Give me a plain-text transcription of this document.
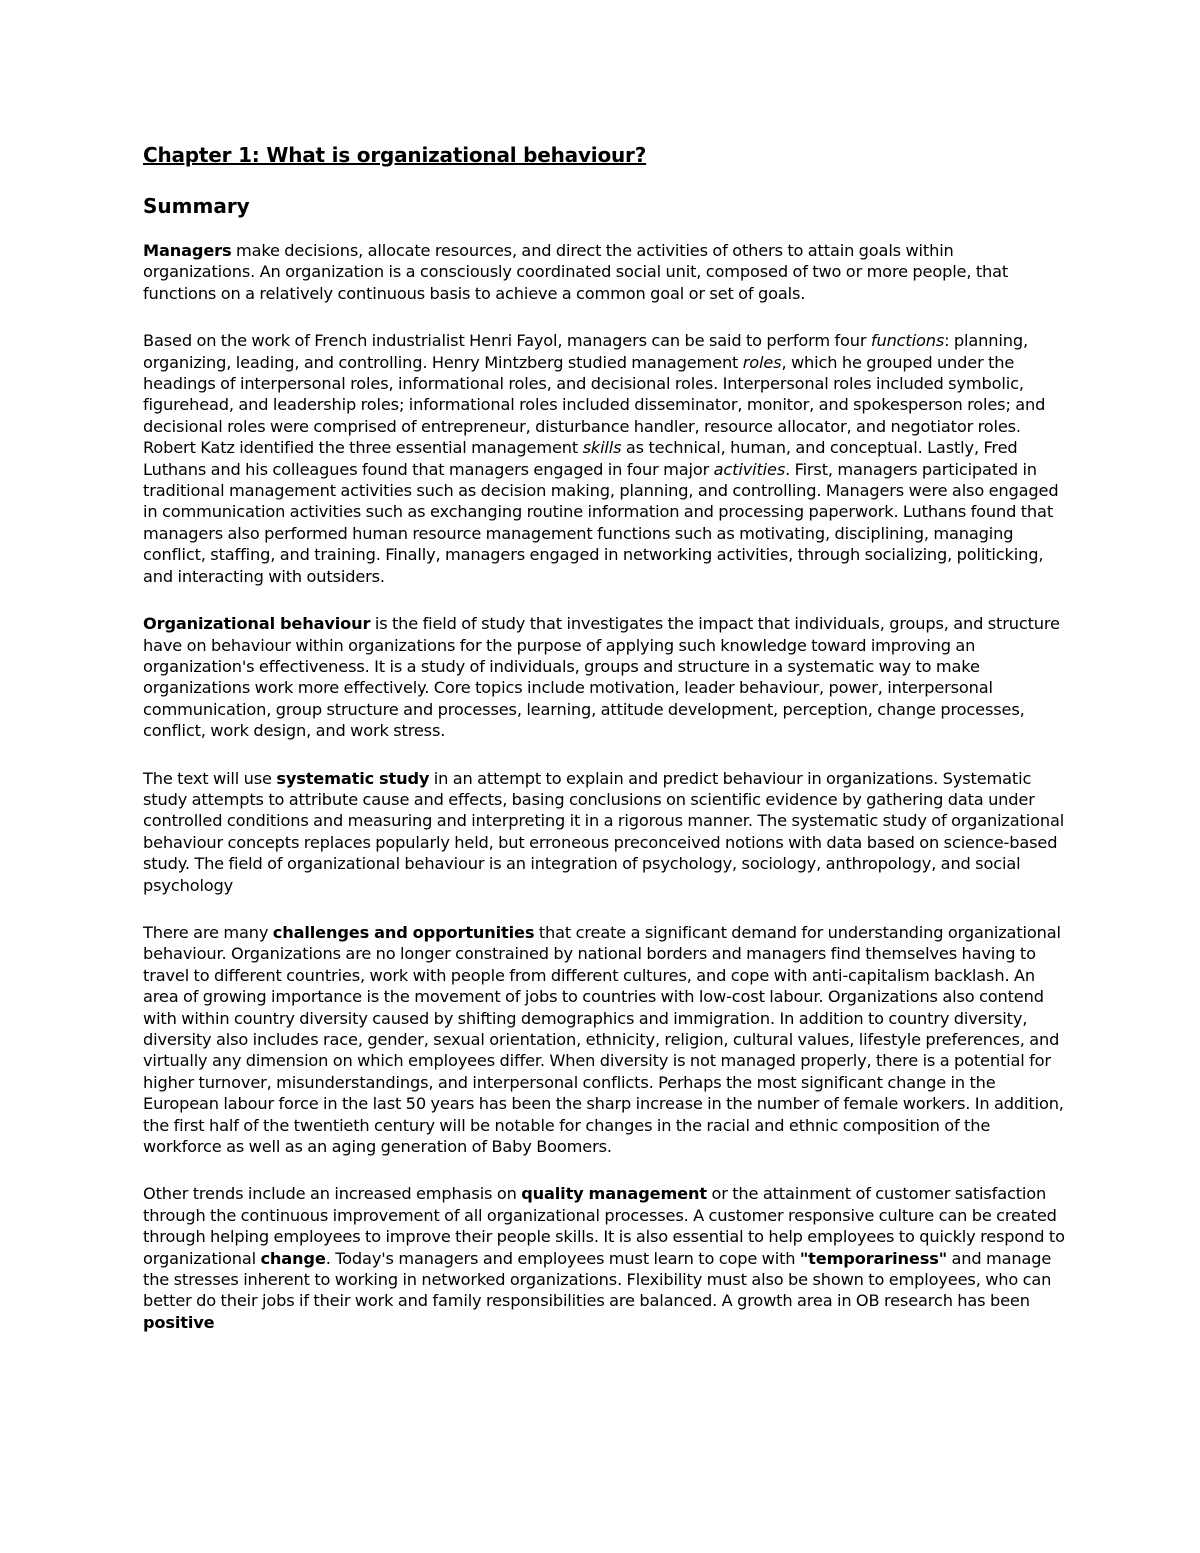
Chapter 1: What is organizational behaviour?
Summary

Managers make decisions, allocate resources, and direct the activities of others to attain goals within organizations. An organization is a consciously coordinated social unit, composed of two or more people, that functions on a relatively continuous basis to achieve a common goal or set of goals.

Based on the work of French industrialist Henri Fayol, managers can be said to perform four functions: planning, organizing, leading, and controlling. Henry Mintzberg studied management roles, which he grouped under the headings of interpersonal roles, informational roles, and decisional roles. Interpersonal roles included symbolic, figurehead, and leadership roles; informational roles included disseminator, monitor, and spokesperson roles; and decisional roles were comprised of entrepreneur, disturbance handler, resource allocator, and negotiator roles. Robert Katz identified the three essential management skills as technical, human, and conceptual. Lastly, Fred Luthans and his colleagues found that managers engaged in four major activities. First, managers participated in traditional management activities such as decision making, planning, and controlling. Managers were also engaged in communication activities such as exchanging routine information and processing paperwork. Luthans found that managers also performed human resource management functions such as motivating, disciplining, managing conflict, staffing, and training. Finally, managers engaged in networking activities, through socializing, politicking, and interacting with outsiders.

Organizational behaviour is the field of study that investigates the impact that individuals, groups, and structure have on behaviour within organizations for the purpose of applying such knowledge toward improving an organization's effectiveness. It is a study of individuals, groups and structure in a systematic way to make organizations work more effectively. Core topics include motivation, leader behaviour, power, interpersonal communication, group structure and processes, learning, attitude development, perception, change processes, conflict, work design, and work stress.

The text will use systematic study in an attempt to explain and predict behaviour in organizations. Systematic study attempts to attribute cause and effects, basing conclusions on scientific evidence by gathering data under controlled conditions and measuring and interpreting it in a rigorous manner. The systematic study of organizational behaviour concepts replaces popularly held, but erroneous preconceived notions with data based on science-based study. The field of organizational behaviour is an integration of psychology, sociology, anthropology, and social psychology

There are many challenges and opportunities that create a significant demand for understanding organizational behaviour. Organizations are no longer constrained by national borders and managers find themselves having to travel to different countries, work with people from different cultures, and cope with anti-capitalism backlash. An area of growing importance is the movement of jobs to countries with low-cost labour. Organizations also contend with within country diversity caused by shifting demographics and immigration. In addition to country diversity, diversity also includes race, gender, sexual orientation, ethnicity, religion, cultural values, lifestyle preferences, and virtually any dimension on which employees differ. When diversity is not managed properly, there is a potential for higher turnover, misunderstandings, and interpersonal conflicts. Perhaps the most significant change in the European labour force in the last 50 years has been the sharp increase in the number of female workers. In addition, the first half of the twentieth century will be notable for changes in the racial and ethnic composition of the workforce as well as an aging generation of Baby Boomers.

Other trends include an increased emphasis on quality management or the attainment of customer satisfaction through the continuous improvement of all organizational processes. A customer responsive culture can be created through helping employees to improve their people skills. It is also essential to help employees to quickly respond to organizational change. Today's managers and employees must learn to cope with "temporariness" and manage the stresses inherent to working in networked organizations. Flexibility must also be shown to employees, who can better do their jobs if their work and family responsibilities are balanced. A growth area in OB research has been positive
